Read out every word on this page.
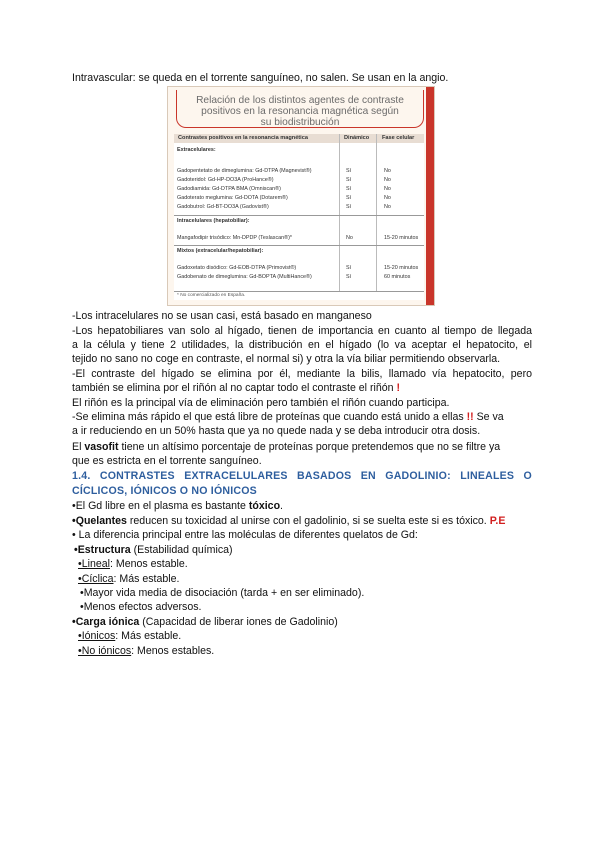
Intravascular: se queda en el torrente sanguíneo, no salen. Se usan en la angio.
Relación de los distintos agentes de contraste
positivos en la resonancia magnética según
su biodistribución
Contrastes positivos en la resonancia magnética	Dinámico Fase celular
Extracelulares:
Gadopentetato de dimeglumina: Gd-DTPA (Magnevist®)	Sí	No
Gadoteridol: Gd-HP-DO3A (ProHance®)	Sí	No
Gadodiamida: Gd-DTPA BMA (Omniscan®)	Sí	No
Gadoterato meglumina: Gd-DOTA (Dotarem®)	Sí	No
Gadobutrol: Gd-BT-DO3A (Gadovist®)	Sí	No
Intracelulares (hepatobiliar):
Mangafodipir trisódico: Mn-DPDP (Teslascan®)*	No	15-20 minutos
Mixtos (extracelular/hepatobiliar):
Gadoxetato disódico: Gd-EOB-DTPA (Primovist®)	Sí	15-20 minutos
Gadobenato de dimeglumina: Gd-BOPTA (MultiHance®)	Sí	60 minutos
* No comercializado en España.
-Los intracelulares no se usan casi, está basado en manganeso
-Los hepatobiliares van solo al hígado, tienen de importancia en cuanto al tiempo de llegada
a la célula y tiene 2 utilidades, la distribución en el hígado (lo va aceptar el hepatocito, el
tejido no sano no coge en contraste, el normal si) y otra la vía biliar permitiendo observarla.
-El contraste del hígado se elimina por él, mediante la bilis, llamado vía hepatocito, pero
también se elimina por el riñón al no captar todo el contraste el riñón !
El riñón es la principal vía de eliminación pero también el riñón cuando participa.
-Se elimina más rápido el que está libre de proteínas que cuando está unido a ellas !! Se va
a ir reduciendo en un 50% hasta que ya no quede nada y se deba introducir otra dosis.
El vasofit tiene un altísimo porcentaje de proteínas porque pretendemos que no se filtre ya
que es estricta en el torrente sanguíneo.
1.4. CONTRASTES EXTRACELULARES BASADOS EN GADOLINIO: LINEALES O
CÍCLICOS, IÓNICOS O NO IÓNICOS
•El Gd libre en el plasma es bastante tóxico.
•Quelantes reducen su toxicidad al unirse con el gadolinio, si se suelta este si es tóxico. P.E
• La diferencia principal entre las moléculas de diferentes quelatos de Gd:
•Estructura (Estabilidad química)
•Lineal: Menos estable.
•Cíclica: Más estable.
•Mayor vida media de disociación (tarda + en ser eliminado).
•Menos efectos adversos.
•Carga iónica (Capacidad de liberar iones de Gadolinio)
•Iónicos: Más estable.
•No iónicos: Menos estables.
